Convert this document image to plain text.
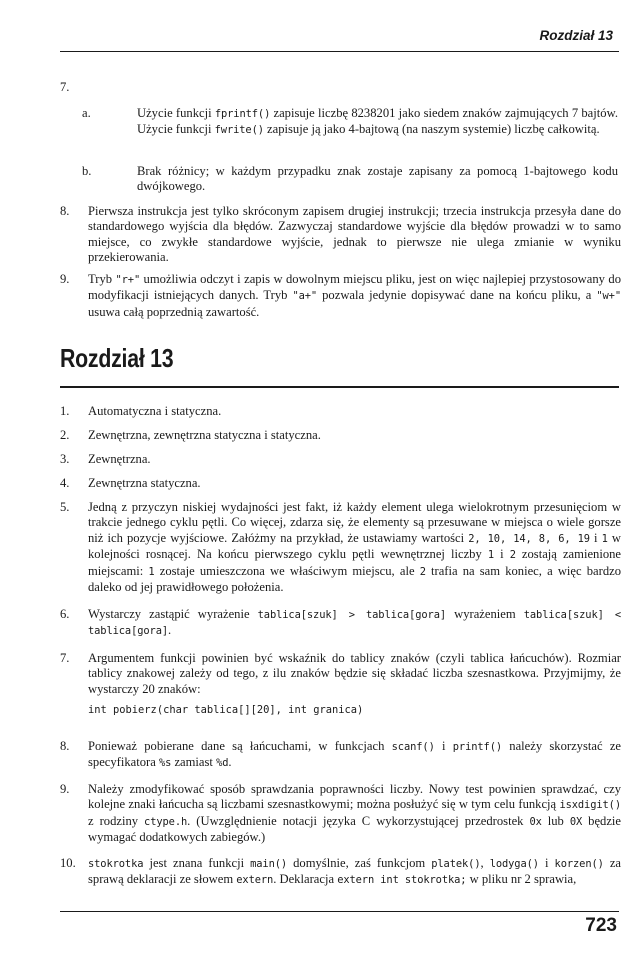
Rozdział 13
7.
a.	Użycie funkcji fprintf() zapisuje liczbę 8238201 jako siedem znaków zajmujących 7 bajtów. Użycie funkcji fwrite() zapisuje ją jako 4-bajtową (na naszym systemie) liczbę całkowitą.
b.	Brak różnicy; w każdym przypadku znak zostaje zapisany za pomocą 1-bajtowego kodu dwójkowego.
8.	Pierwsza instrukcja jest tylko skróconym zapisem drugiej instrukcji; trzecia instrukcja przesyła dane do standardowego wyjścia dla błędów. Zazwyczaj standardowe wyjście dla błędów prowadzi w to samo miejsce, co zwykłe standardowe wyjście, jednak to pierwsze nie ulega zmianie w wyniku przekierowania.
9.	Tryb "r+" umożliwia odczyt i zapis w dowolnym miejscu pliku, jest on więc najlepiej przystosowany do modyfikacji istniejących danych. Tryb "a+" pozwala jedynie dopisywać dane na końcu pliku, a "w+" usuwa całą poprzednią zawartość.
Rozdział 13
1.	Automatyczna i statyczna.
2.	Zewnętrzna, zewnętrzna statyczna i statyczna.
3.	Zewnętrzna.
4.	Zewnętrzna statyczna.
5.	Jedną z przyczyn niskiej wydajności jest fakt, iż każdy element ulega wielokrotnym przesunięciom w trakcie jednego cyklu pętli. Co więcej, zdarza się, że elementy są przesuwane w miejsca o wiele gorsze niż ich pozycje wyjściowe. Załóżmy na przykład, że ustawiamy wartości 2, 10, 14, 8, 6, 19 i 1 w kolejności rosnącej. Na końcu pierwszego cyklu pętli wewnętrznej liczby 1 i 2 zostają zamienione miejscami: 1 zostaje umieszczona we właściwym miejscu, ale 2 trafia na sam koniec, a więc bardzo daleko od jej prawidłowego położenia.
6.	Wystarczy zastąpić wyrażenie tablica[szuk] > tablica[gora] wyrażeniem tablica[szuk] < tablica[gora].
7.	Argumentem funkcji powinien być wskaźnik do tablicy znaków (czyli tablica łańcuchów). Rozmiar tablicy znakowej zależy od tego, z ilu znaków będzie się składać liczba szesnastkowa. Przyjmijmy, że wystarczy 20 znaków:
int pobierz(char tablica[][20], int granica)
8.	Ponieważ pobierane dane są łańcuchami, w funkcjach scanf() i printf() należy skorzystać ze specyfikatora %s zamiast %d.
9.	Należy zmodyfikować sposób sprawdzania poprawności liczby. Nowy test powinien sprawdzać, czy kolejne znaki łańcucha są liczbami szesnastkowymi; można posłużyć się w tym celu funkcją isxdigit() z rodziny ctype.h. (Uwzględnienie notacji języka C wykorzystującej przedrostek 0x lub 0X będzie wymagać dodatkowych zabiegów.)
10.	stokrotka jest znana funkcji main() domyślnie, zaś funkcjom platek(), lodyga() i korzen() za sprawą deklaracji ze słowem extern. Deklaracja extern int stokrotka; w pliku nr 2 sprawia,
723
